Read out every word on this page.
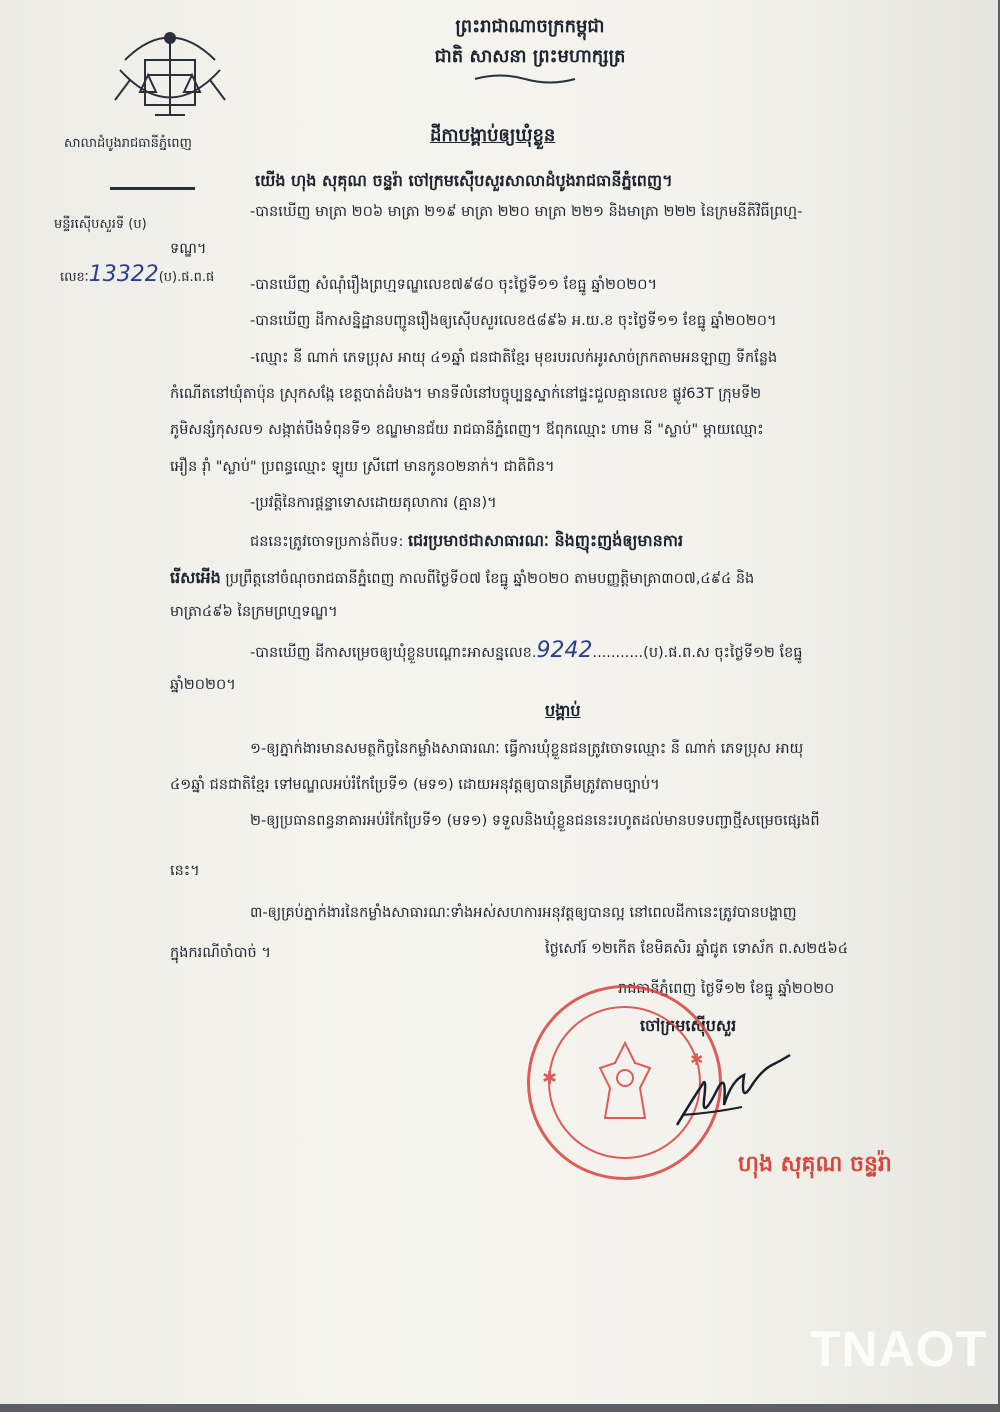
ព្រះរាជាណាចក្រកម្ពុជា
ជាតិ សាសនា ព្រះមហាក្សត្រ
សាលាដំបូងរាជធានីភ្នំពេញ
មន្ទីរស៊ើបសួរទី (ប)
លេខៈ13322(ប).ផ.ព.ផ
ដីកាបង្គាប់ឲ្យឃុំខ្លួន
យើង ហុង សុគុណ ចន្ទរ៉ា ចៅក្រមស៊ើបសួរសាលាដំបូងរាជធានីភ្នំពេញ។
-បានឃើញ មាត្រា ២០៦ មាត្រា ២១៩ មាត្រា ២២០ មាត្រា ២២១ និងមាត្រា ២២២ នៃក្រមនីតិវិធីព្រហ្ម-
ទណ្ឌ។
-បានឃើញ សំណុំរឿងព្រហ្មទណ្ឌលេខ៧៩៨០ ចុះថ្ងៃទី១១ ខែធ្នូ ឆ្នាំ២០២០។
-បានឃើញ ដីកាសន្និដ្ឋានបញ្ជូនរឿងឲ្យស៊ើបសួរលេខ៥៨៩៦ អ.យ.ខ ចុះថ្ងៃទី១១ ខែធ្នូ ឆ្នាំ២០២០។
-ឈ្មោះ នី ណាក់ ភេទប្រុស អាយុ ៤១ឆ្នាំ ជនជាតិខ្មែរ មុខរបរលក់អូរសាច់ក្រកតាមអនឡាញ ទីកន្លែង
កំណើតនៅឃុំតាប៉ុន ស្រុកសង្កែ ខេត្តបាត់ដំបង។ មានទីលំនៅបច្ចុប្បន្នស្នាក់នៅផ្ទះជួលគ្មានលេខ ផ្លូវ63T ក្រុមទី២
ភូមិសន្សំកុសល១ សង្កាត់បឹងទំពុនទី១ ខណ្ឌមានជ័យ រាជធានីភ្នំពេញ។ ឪពុកឈ្មោះ ហាម នី "ស្លាប់" ម្តាយឈ្មោះ
អឿន រ៉ាំ "ស្លាប់" ប្រពន្ធឈ្មោះ ឡូយ ស្រីពៅ មានកូន០២នាក់។ ជាតិពិន។
-ប្រវត្តិនៃការផ្តន្ទាទោសដោយតុលាការ (គ្មាន)។
ជននេះត្រូវចោទប្រកាន់ពីបទ: ជេរប្រមាថជាសាធារណៈ និងញុះញង់ឲ្យមានការ
រើសអើង ប្រព្រឹត្តនៅចំណុចរាជធានីភ្នំពេញ កាលពីថ្ងៃទី០៧ ខែធ្នូ ឆ្នាំ២០២០ តាមបញ្ញត្តិមាត្រា៣០៧,៤៩៤ និង
មាត្រា៤៩៦ នៃក្រមព្រហ្មទណ្ឌ។
-បានឃើញ ដីកាសម្រេចឲ្យឃុំខ្លួនបណ្តោះអាសន្នលេខ.9242...........(ប).ផ.ព.ស ចុះថ្ងៃទី១២ ខែធ្នូ
ឆ្នាំ២០២០។
បង្គាប់
១-ឲ្យភ្នាក់ងារមានសមត្ថកិច្ចនៃកម្លាំងសាធារណៈ ធ្វើការឃុំខ្លួនជនត្រូវចោទឈ្មោះ នី ណាក់ ភេទប្រុស អាយុ
៤១ឆ្នាំ ជនជាតិខ្មែរ ទៅមណ្ឌលអប់រំកែប្រែទី១ (មទ១) ដោយអនុវត្តឲ្យបានត្រឹមត្រូវតាមច្បាប់។
២-ឲ្យប្រធានពន្ធនាគារអប់រំកែប្រែទី១ (មទ១) ទទួលនិងឃុំខ្លួនជននេះរហូតដល់មានបទបញ្ជាថ្មីសម្រេចផ្សេងពី
នេះ។
៣-ឲ្យគ្រប់ភ្នាក់ងារនៃកម្លាំងសាធារណៈទាំងអស់សហការអនុវត្តឲ្យបានល្អ នៅពេលដីកានេះត្រូវបានបង្ហាញ
ក្នុងករណីចាំបាច់ ។	ថ្ងៃសៅរ៍ ១២កើត ខែមិគសិរ ឆ្នាំជូត ទោស័ក ព.ស២៥៦៤
រាជធានីភ្នំពេញ ថ្ងៃទី១២ ខែធ្នូ ឆ្នាំ២០២០
ចៅក្រមស៊ើបសួរ
✱
✱
ហុង សុគុណ ចន្ទរ៉ា
TNAOT
